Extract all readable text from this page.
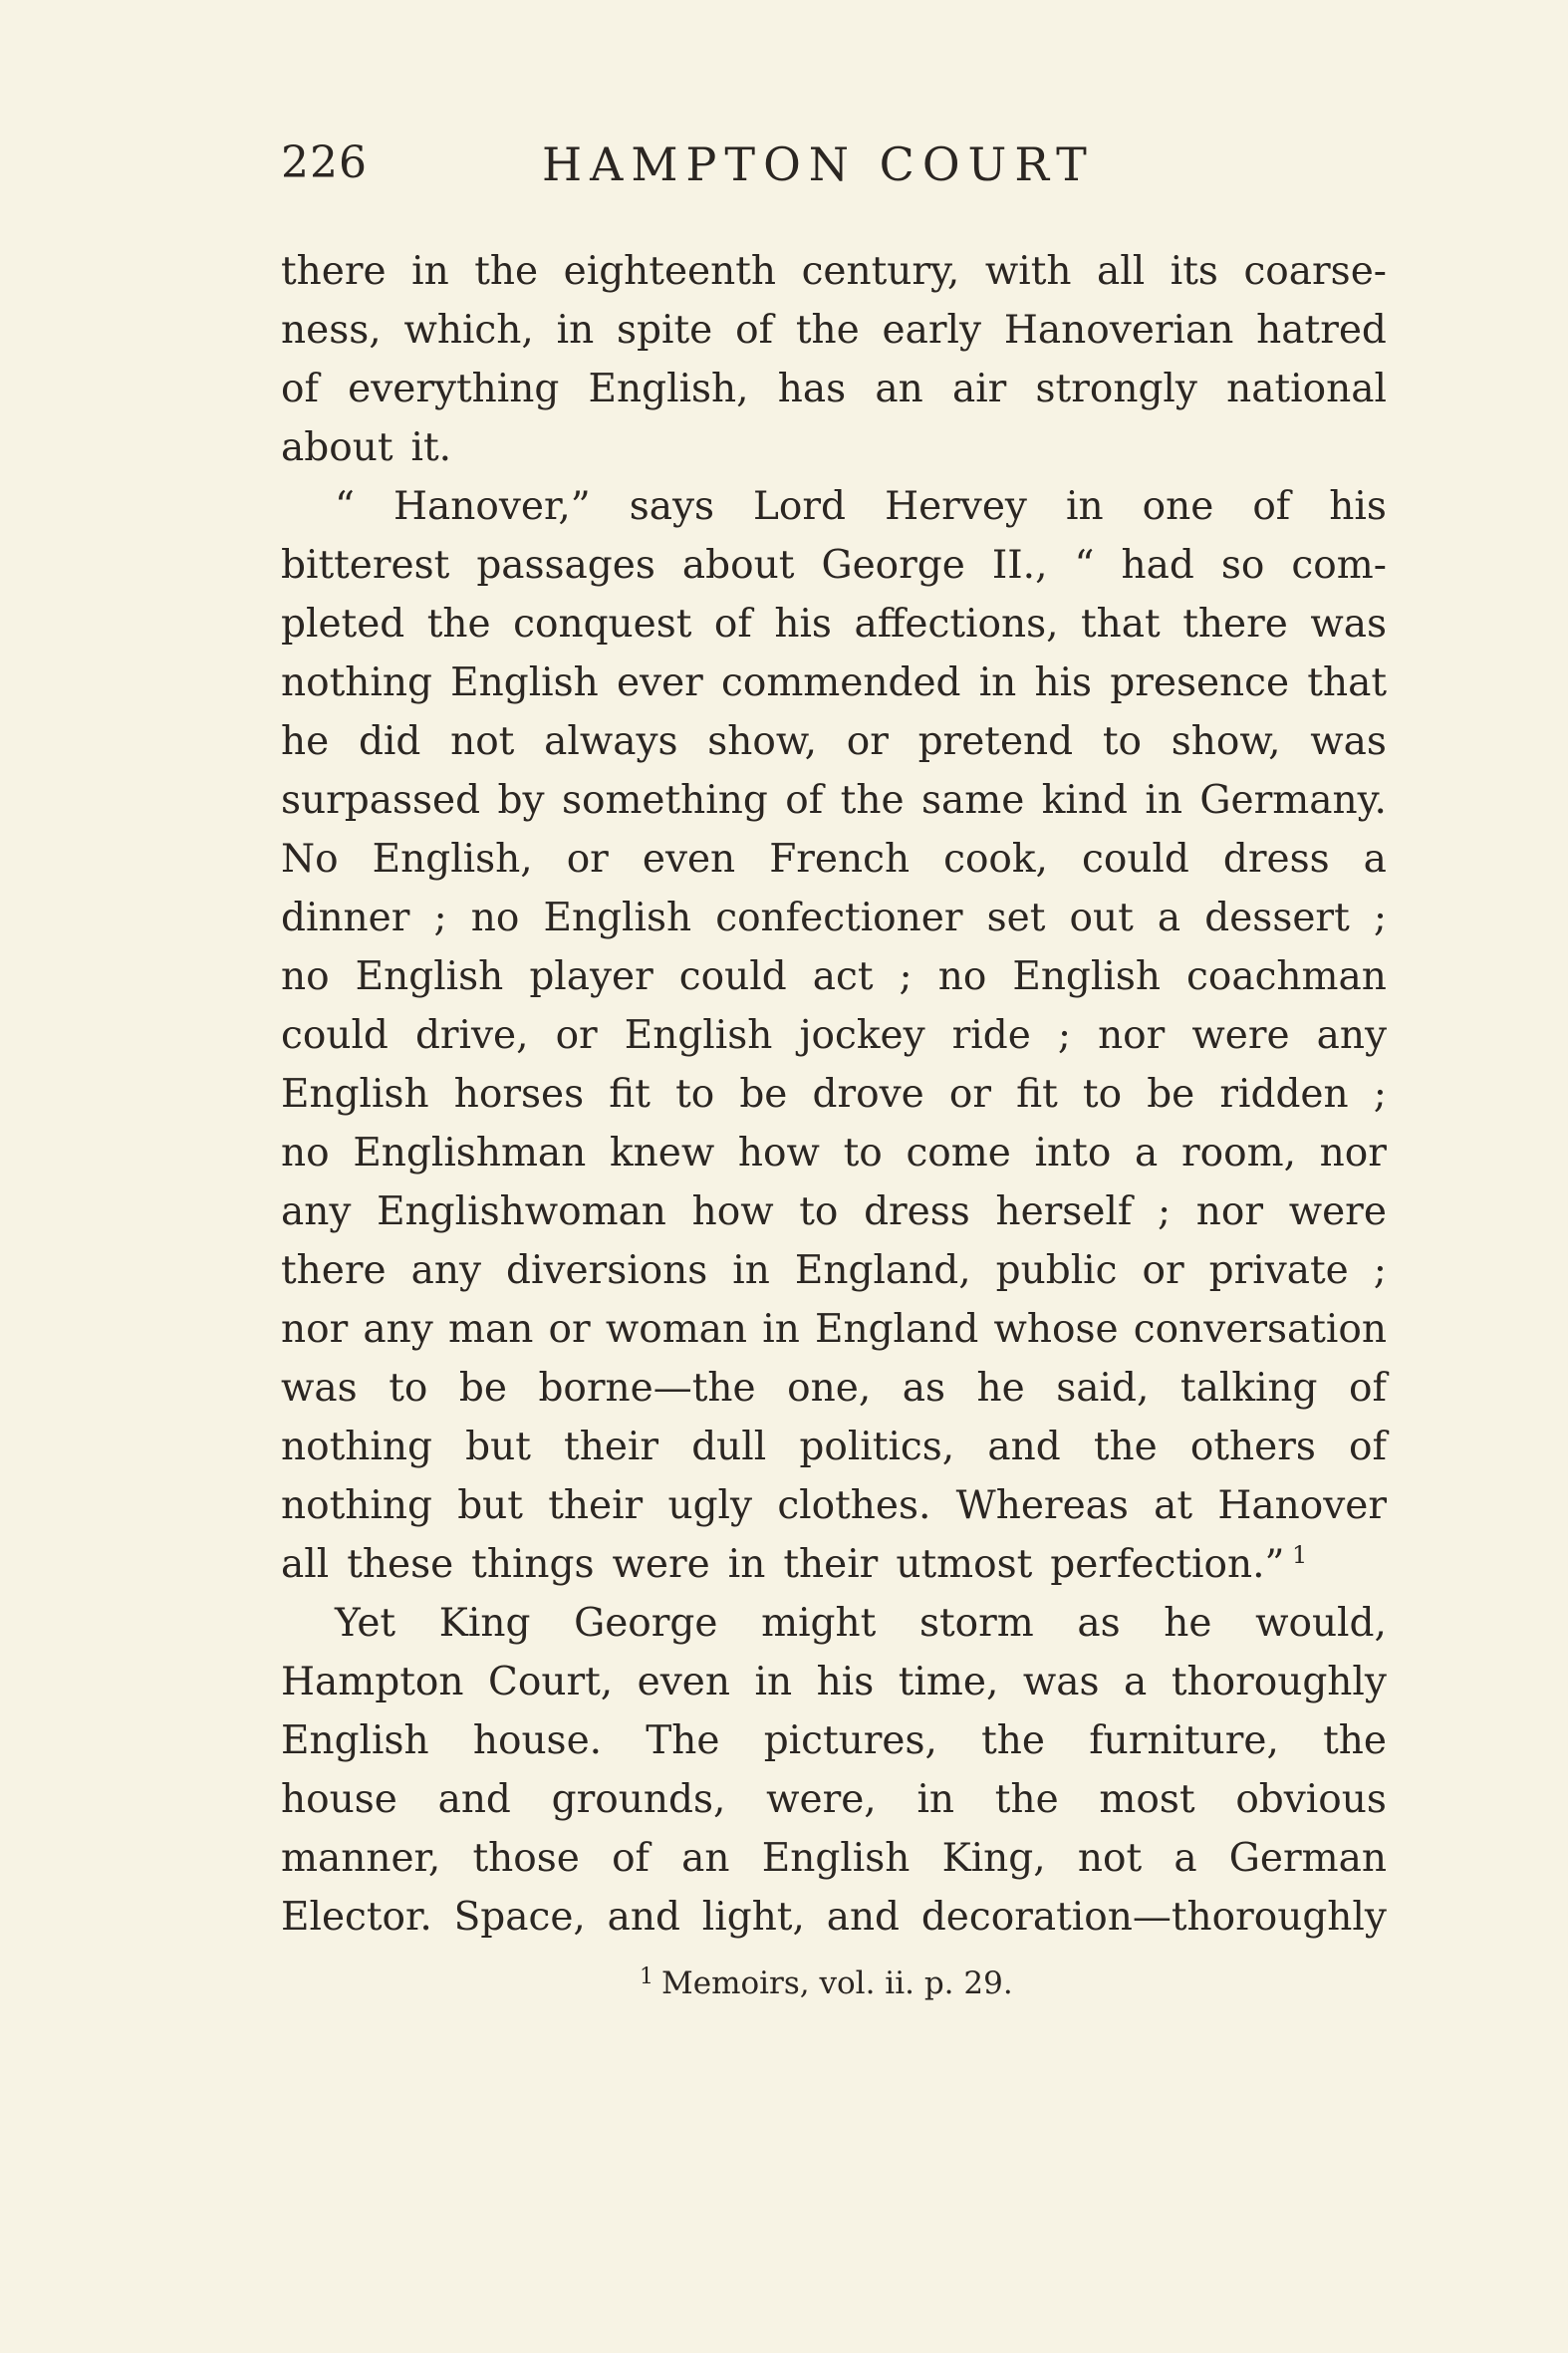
226	HAMPTON COURT
there in the eighteenth century, with all its coarse-
ness, which, in spite of the early Hanoverian hatred
of everything English, has an air strongly national
about it.
“ Hanover,” says Lord Hervey in one of his
bitterest passages about George II., “ had so com-
pleted the conquest of his affections, that there was
nothing English ever commended in his presence that
he did not always show, or pretend to show, was
surpassed by something of the same kind in Germany.
No English, or even French cook, could dress a
dinner ; no English confectioner set out a dessert ;
no English player could act ; no English coachman
could drive, or English jockey ride ; nor were any
English horses fit to be drove or fit to be ridden ;
no Englishman knew how to come into a room, nor
any Englishwoman how to dress herself ; nor were
there any diversions in England, public or private ;
nor any man or woman in England whose conversation
was to be borne—the one, as he said, talking of
nothing but their dull politics, and the others of
nothing but their ugly clothes. Whereas at Hanover
all these things were in their utmost perfection.” $^1$
Yet King George might storm as he would,
Hampton Court, even in his time, was a thoroughly
English house. The pictures, the furniture, the
house and grounds, were, in the most obvious
manner, those of an English King, not a German
Elector. Space, and light, and decoration—thoroughly
$^1$ Memoirs, vol. ii. p. 29.
